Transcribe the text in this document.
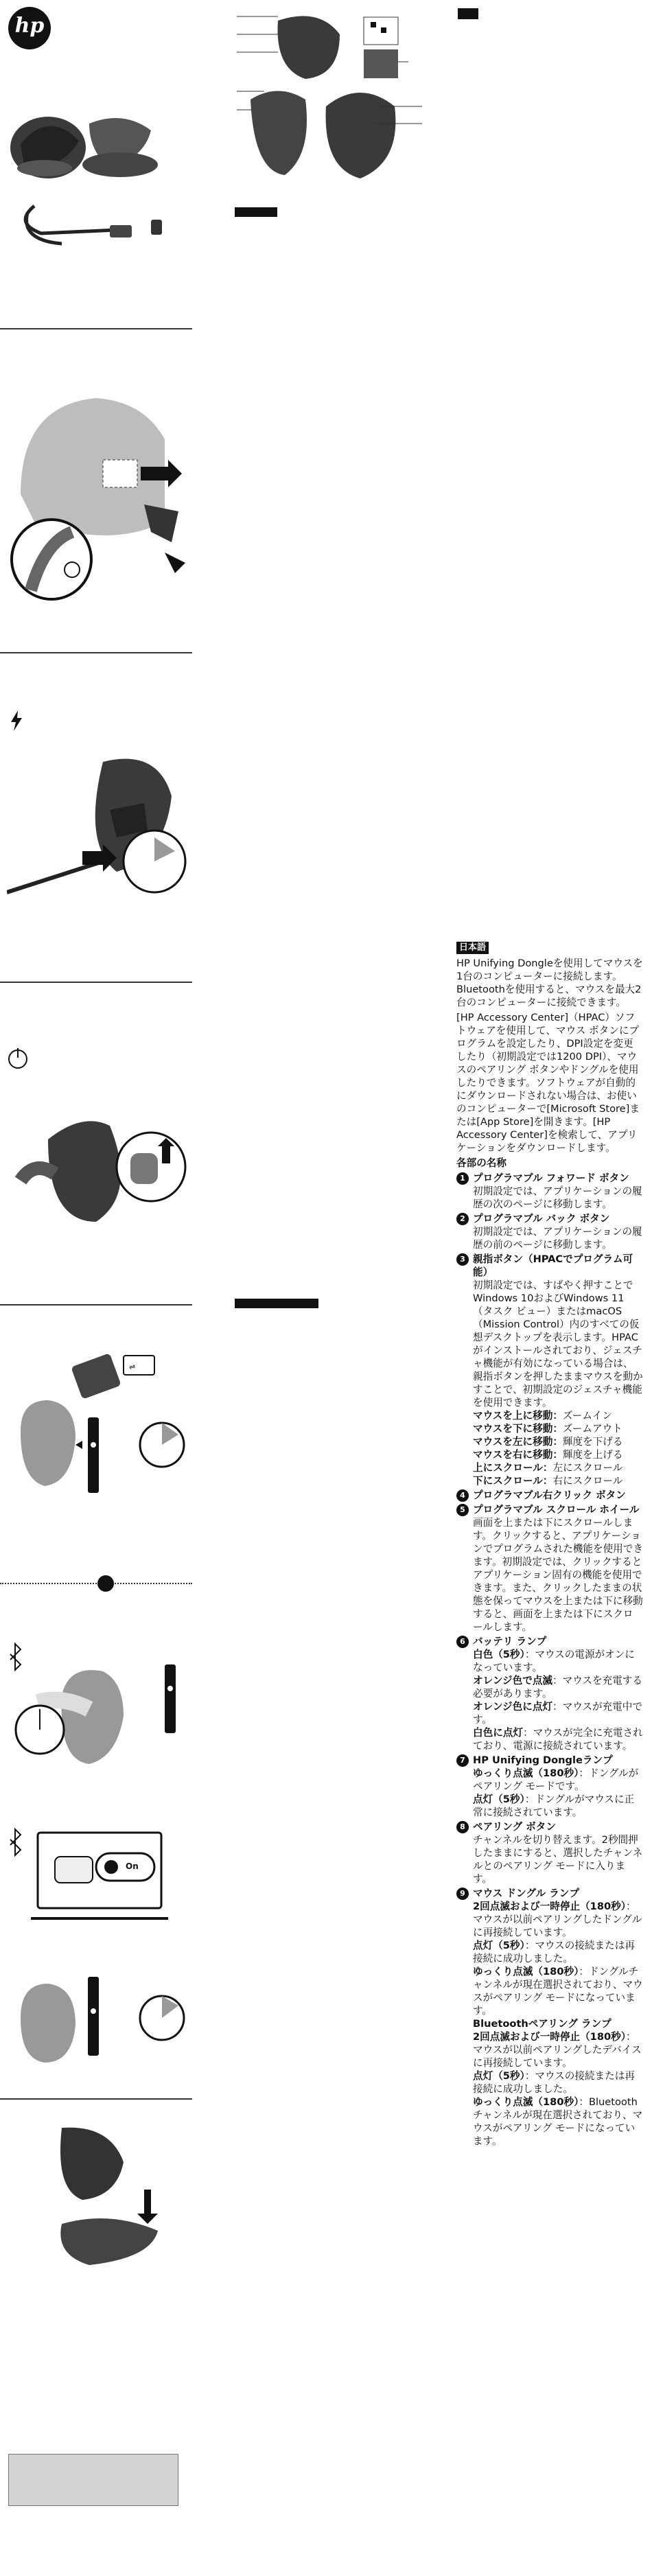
hp
⇌
On
日本語

HP Unifying Dongleを使用してマウスを1台のコンピューターに接続します。Bluetoothを使用すると、マウスを最大2台のコンピューターに接続できます。

[HP Accessory Center]（HPAC）ソフトウェアを使用して、マウス ボタンにプログラムを設定したり、DPI設定を変更したり（初期設定では1200 DPI）、マウスのペアリング ボタンやドングルを使用したりできます。ソフトウェアが自動的にダウンロードされない場合は、お使いのコンピューターで[Microsoft Store]または[App Store]を開きます。[HP Accessory Center]を検索して、アプリケーションをダウンロードします。

各部の名称

1 プログラマブル フォワード ボタン
初期設定では、アプリケーションの履歴の次のページに移動します。
2 プログラマブル バック ボタン
初期設定では、アプリケーションの履歴の前のページに移動します。
3 親指ボタン（HPACでプログラム可能）
初期設定では、すばやく押すことでWindows 10およびWindows 11（タスク ビュー）またはmacOS（Mission Control）内のすべての仮想デスクトップを表示します。HPACがインストールされており、ジェスチャ機能が有効になっている場合は、親指ボタンを押したままマウスを動かすことで、初期設定のジェスチャ機能を使用できます。
マウスを上に移動：ズームイン
マウスを下に移動：ズームアウト
マウスを左に移動：輝度を下げる
マウスを右に移動：輝度を上げる
上にスクロール：左にスクロール
下にスクロール：右にスクロール
4 プログラマブル右クリック ボタン
5 プログラマブル スクロール ホイール
画面を上または下にスクロールします。クリックすると、アプリケーションでプログラムされた機能を使用できます。初期設定では、クリックするとアプリケーション固有の機能を使用できます。また、クリックしたままの状態を保ってマウスを上または下に移動すると、画面を上または下にスクロールします。
6 バッテリ ランプ
白色（5秒）：マウスの電源がオンになっています。
オレンジ色で点滅：マウスを充電する必要があります。
オレンジ色に点灯：マウスが充電中です。
白色に点灯：マウスが完全に充電されており、電源に接続されています。
7 HP Unifying Dongleランプ
ゆっくり点滅（180秒）：ドングルがペアリング モードです。
点灯（5秒）：ドングルがマウスに正常に接続されています。
8 ペアリング ボタン
チャンネルを切り替えます。2秒間押したままにすると、選択したチャンネルとのペアリング モードに入ります。
9 マウス ドングル ランプ
2回点滅および一時停止（180秒）：マウスが以前ペアリングしたドングルに再接続しています。
点灯（5秒）：マウスの接続または再接続に成功しました。
ゆっくり点滅（180秒）：ドングルチャンネルが現在選択されており、マウスがペアリング モードになっています。
Bluetoothペアリング ランプ
2回点滅および一時停止（180秒）：マウスが以前ペアリングしたデバイスに再接続しています。
点灯（5秒）：マウスの接続または再接続に成功しました。
ゆっくり点滅（180秒）：Bluetoothチャンネルが現在選択されており、マウスがペアリング モードになっています。
